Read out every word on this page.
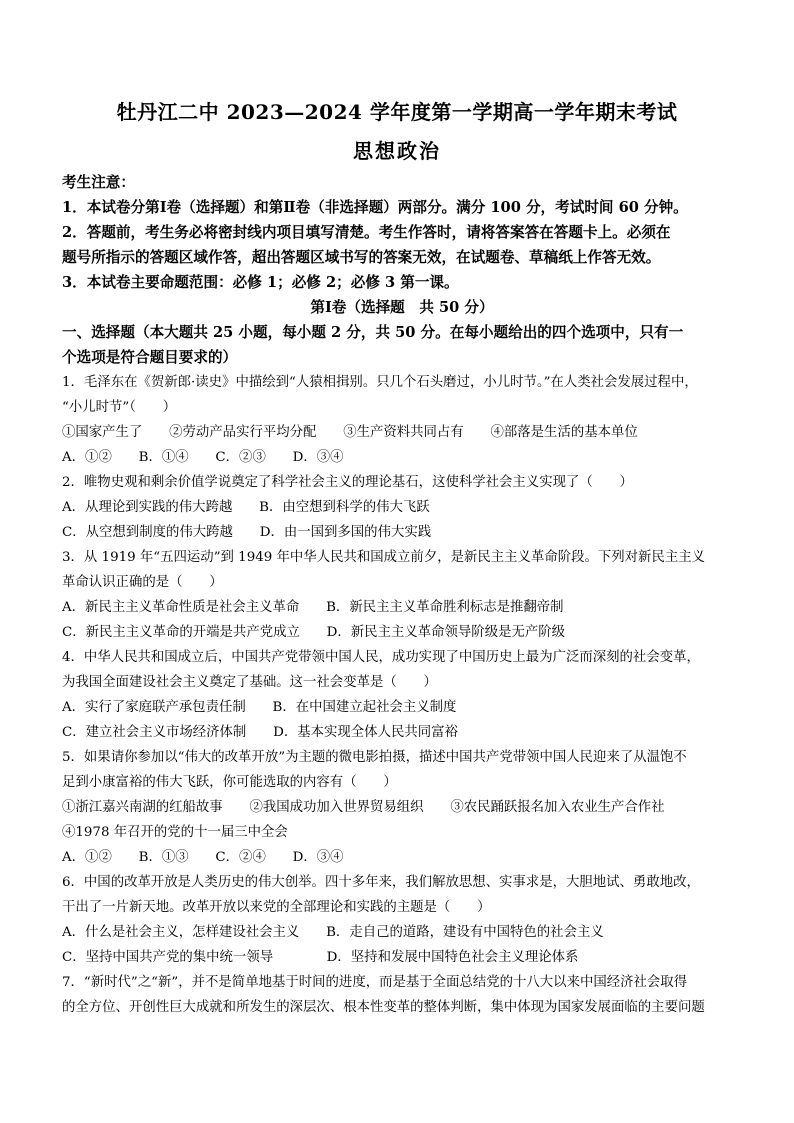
牡丹江二中 2023—2024 学年度第一学期高一学年期末考试
思想政治
考生注意：
1．本试卷分第Ⅰ卷（选择题）和第Ⅱ卷（非选择题）两部分。满分 100 分，考试时间 60 分钟。
2．答题前，考生务必将密封线内项目填写清楚。考生作答时，请将答案答在答题卡上。必须在
题号所指示的答题区域作答，超出答题区域书写的答案无效，在试题卷、草稿纸上作答无效。
3．本试卷主要命题范围：必修 1；必修 2；必修 3 第一课。
第Ⅰ卷（选择题　共 50 分）
一、选择题（本大题共 25 小题，每小题 2 分，共 50 分。在每小题给出的四个选项中，只有一
个选项是符合题目要求的）
1．毛泽东在《贺新郎·读史》中描绘到“人猿相揖别。只几个石头磨过，小儿时节。”在人类社会发展过程中，
“小儿时节”（　　）
①国家产生了　　②劳动产品实行平均分配　　③生产资料共同占有　　④部落是生活的基本单位
A．①②　　B．①④　　C．②③　　D．③④
2．唯物史观和剩余价值学说奠定了科学社会主义的理论基石，这使科学社会主义实现了（　　）
A．从理论到实践的伟大跨越　　B．由空想到科学的伟大飞跃
C．从空想到制度的伟大跨越　　D．由一国到多国的伟大实践
3．从 1919 年“五四运动”到 1949 年中华人民共和国成立前夕，是新民主主义革命阶段。下列对新民主主义
革命认识正确的是（　　）
A．新民主主义革命性质是社会主义革命　　B．新民主主义革命胜利标志是推翻帝制
C．新民主主义革命的开端是共产党成立　　D．新民主主义革命领导阶级是无产阶级
4．中华人民共和国成立后，中国共产党带领中国人民，成功实现了中国历史上最为广泛而深刻的社会变革，
为我国全面建设社会主义奠定了基础。这一社会变革是（　　）
A．实行了家庭联产承包责任制　　B．在中国建立起社会主义制度
C．建立社会主义市场经济体制　　D．基本实现全体人民共同富裕
5．如果请你参加以“伟大的改革开放”为主题的微电影拍摄，描述中国共产党带领中国人民迎来了从温饱不
足到小康富裕的伟大飞跃，你可能选取的内容有（　　）
①浙江嘉兴南湖的红船故事　　②我国成功加入世界贸易组织　　③农民踊跃报名加入农业生产合作社
④1978 年召开的党的十一届三中全会
A．①②　　B．①③　　C．②④　　D．③④
6．中国的改革开放是人类历史的伟大创举。四十多年来，我们解放思想、实事求是，大胆地试、勇敢地改，
干出了一片新天地。改革开放以来党的全部理论和实践的主题是（　　）
A．什么是社会主义，怎样建设社会主义　　B．走自己的道路，建设有中国特色的社会主义
C．坚持中国共产党的集中统一领导　　　　D．坚持和发展中国特色社会主义理论体系
7．“新时代”之“新”，并不是简单地基于时间的进度，而是基于全面总结党的十八大以来中国经济社会取得
的全方位、开创性巨大成就和所发生的深层次、根本性变革的整体判断，集中体现为国家发展面临的主要问题
